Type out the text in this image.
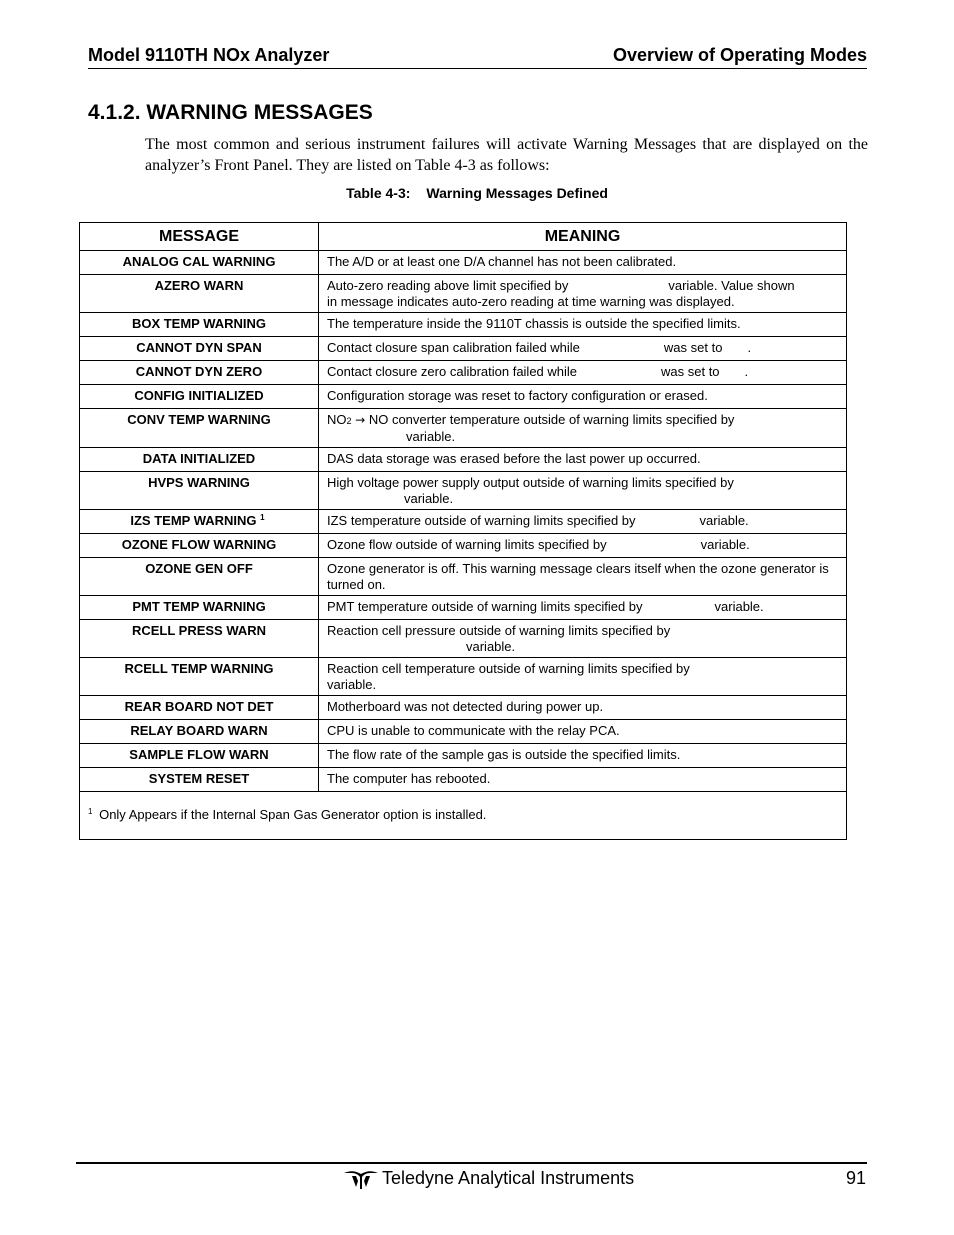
Model 9110TH NOx Analyzer	Overview of Operating Modes
4.1.2. WARNING MESSAGES

The most common and serious instrument failures will activate Warning Messages that are displayed on the analyzer’s Front Panel. They are listed on Table 4-3 as follows:

Table 4-3: Warning Messages Defined
MESSAGE	MEANING
ANALOG CAL WARNING	The A/D or at least one D/A channel has not been calibrated.
AZERO WARN	Auto-zero reading above limit specified by variable. Value shown
in message indicates auto-zero reading at time warning was displayed.
BOX TEMP WARNING	The temperature inside the 9110T chassis is outside the specified limits.
CANNOT DYN SPAN	Contact closure span calibration failed while was set to .
CANNOT DYN ZERO	Contact closure zero calibration failed while was set to .
CONFIG INITIALIZED	Configuration storage was reset to factory configuration or erased.
CONV TEMP WARNING	NO2 → NO converter temperature outside of warning limits specified by
variable.
DATA INITIALIZED	DAS data storage was erased before the last power up occurred.
HVPS WARNING	High voltage power supply output outside of warning limits specified by
variable.
IZS TEMP WARNING $^1$	IZS temperature outside of warning limits specified by variable.
OZONE FLOW WARNING	Ozone flow outside of warning limits specified by variable.
OZONE GEN OFF	Ozone generator is off. This warning message clears itself when the ozone generator is turned on.
PMT TEMP WARNING	PMT temperature outside of warning limits specified by variable.
RCELL PRESS WARN	Reaction cell pressure outside of warning limits specified by
variable.
RCELL TEMP WARNING	Reaction cell temperature outside of warning limits specified by
variable.
REAR BOARD NOT DET	Motherboard was not detected during power up.
RELAY BOARD WARN	CPU is unable to communicate with the relay PCA.
SAMPLE FLOW WARN	The flow rate of the sample gas is outside the specified limits.
SYSTEM RESET	The computer has rebooted.
$^1$ Only Appears if the Internal Span Gas Generator option is installed.	
Teledyne Analytical Instruments	91
